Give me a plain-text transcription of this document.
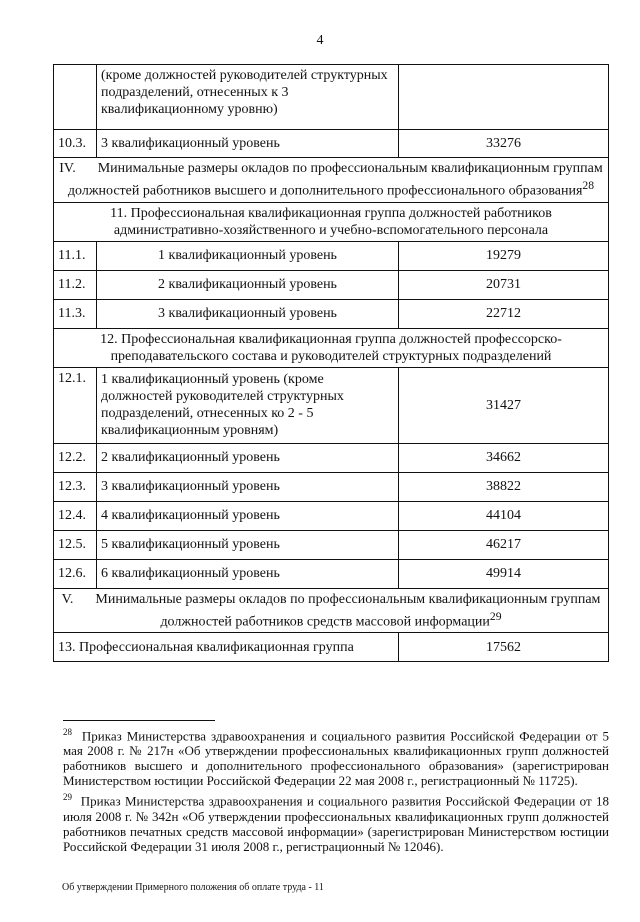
4
	(кроме должностей руководителей структурных подразделений, отнесенных к 3 квалификационному уровню)	
10.3.	3 квалификационный уровень	33276
IV. Минимальные размеры окладов по профессиональным квалификационным группам должностей работников высшего и дополнительного профессионального образования$^{28}$
11. Профессиональная квалификационная группа должностей работников административно-хозяйственного и учебно-вспомогательного персонала		
11.1.	1 квалификационный уровень	19279
11.2.	2 квалификационный уровень	20731
11.3.	3 квалификационный уровень	22712
12. Профессиональная квалификационная группа должностей профессорско-преподавательского состава и руководителей структурных подразделений		
12.1.	1 квалификационный уровень (кроме должностей руководителей структурных подразделений, отнесенных ко 2 - 5 квалификационным уровням)	31427
12.2.	2 квалификационный уровень	34662
12.3.	3 квалификационный уровень	38822
12.4.	4 квалификационный уровень	44104
12.5.	5 квалификационный уровень	46217
12.6.	6 квалификационный уровень	49914
V. Минимальные размеры окладов по профессиональным квалификационным группам должностей работников средств массовой информации$^{29}$
13. Профессиональная квалификационная группа		17562

$^{28}$ Приказ Министерства здравоохранения и социального развития Российской Федерации от 5 мая 2008 г. № 217н «Об утверждении профессиональных квалификационных групп должностей работников высшего и дополнительного профессионального образования» (зарегистрирован Министерством юстиции Российской Федерации 22 мая 2008 г., регистрационный № 11725).

$^{29}$ Приказ Министерства здравоохранения и социального развития Российской Федерации от 18 июля 2008 г. № 342н «Об утверждении профессиональных квалификационных групп должностей работников печатных средств массовой информации» (зарегистрирован Министерством юстиции Российской Федерации 31 июля 2008 г., регистрационный № 12046).

Об утверждении Примерного положения об оплате труда - 11
